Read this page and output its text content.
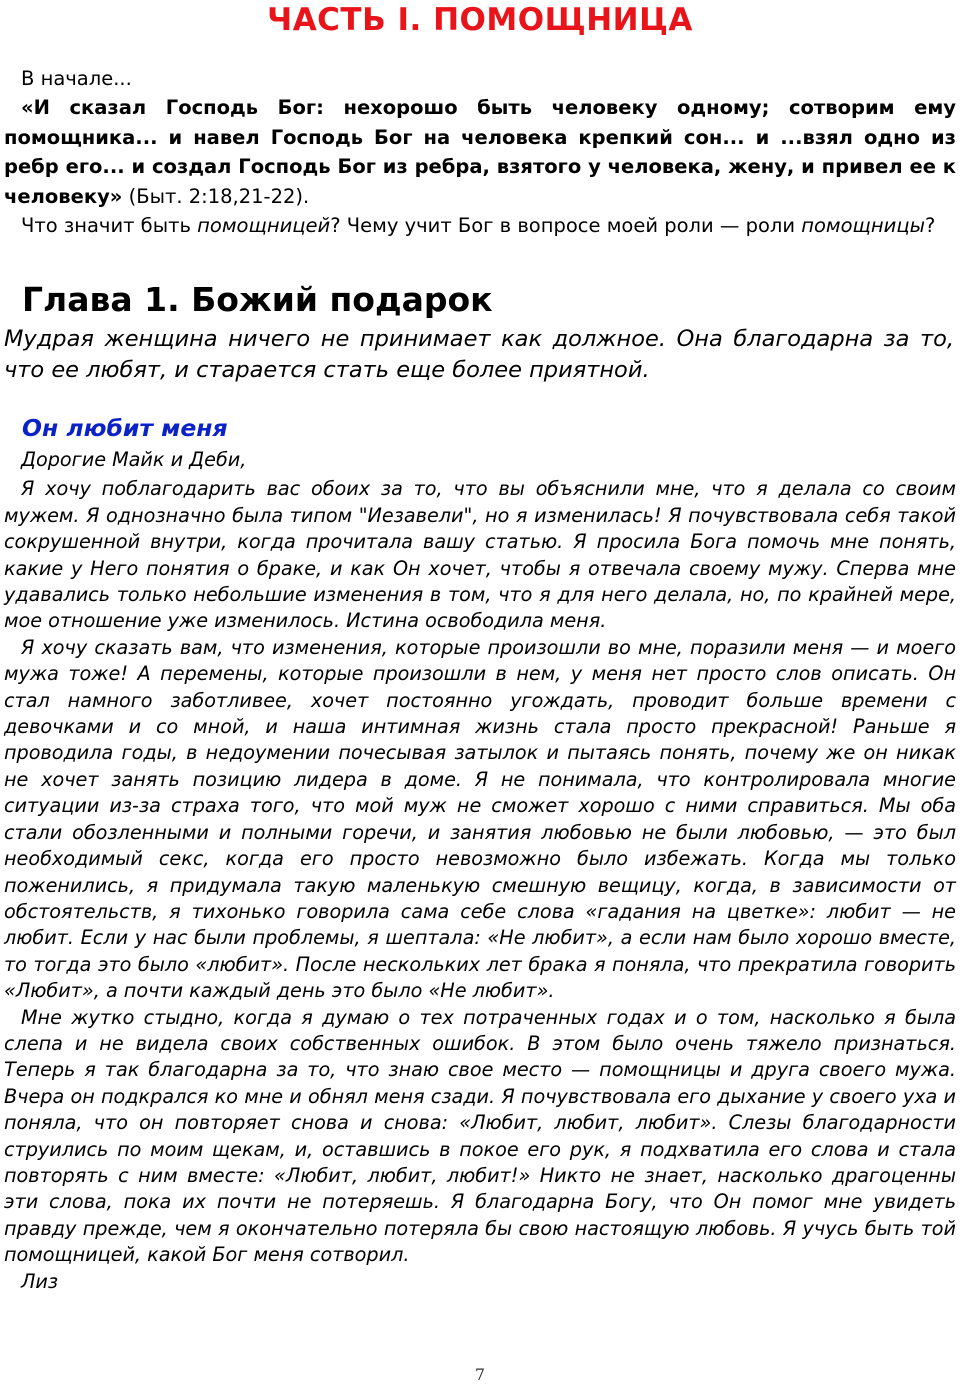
ЧАСТЬ I. ПОМОЩНИЦА

В начале...

«И сказал Господь Бог: нехорошо быть человеку одному; сотворим ему помощника... и навел Господь Бог на человека крепкий сон... и ...взял одно из ребр его... и создал Господь Бог из ребра, взятого у человека, жену, и привел ее к человеку» (Быт. 2:18,21-22).

Что значит быть помощницей? Чему учит Бог в вопросе моей роли — роли помощницы?

Глава 1. Божий подарок

Мудрая женщина ничего не принимает как должное. Она благодарна за то, что ее любят, и старается стать еще более приятной.

Он любит меня

Дорогие Майк и Деби,

Я хочу поблагодарить вас обоих за то, что вы объяснили мне, что я делала со своим мужем. Я однозначно была типом "Иезавели", но я изменилась! Я почувствовала себя такой сокрушенной внутри, когда прочитала вашу статью. Я просила Бога помочь мне понять, какие у Него понятия о браке, и как Он хочет, чтобы я отвечала своему мужу. Сперва мне удавались только небольшие изменения в том, что я для него делала, но, по крайней мере, мое отношение уже изменилось. Истина освободила меня.

Я хочу сказать вам, что изменения, которые произошли во мне, поразили меня — и моего мужа тоже! А перемены, которые произошли в нем, у меня нет просто слов описать. Он стал намного заботливее, хочет постоянно угождать, проводит больше времени с девочками и со мной, и наша интимная жизнь стала просто прекрасной! Раньше я проводила годы, в недоумении почесывая затылок и пытаясь понять, почему же он никак не хочет занять позицию лидера в доме. Я не понимала, что контролировала многие ситуации из-за страха того, что мой муж не сможет хорошо с ними справиться. Мы оба стали обозленными и полными горечи, и занятия любовью не были любовью, — это был необходимый секс, когда его просто невозможно было избежать. Когда мы только поженились, я придумала такую маленькую смешную вещицу, когда, в зависимости от обстоятельств, я тихонько говорила сама себе слова «гадания на цветке»: любит — не любит. Если у нас были проблемы, я шептала: «Не любит», а если нам было хорошо вместе, то тогда это было «любит». После нескольких лет брака я поняла, что прекратила говорить «Любит», а почти каждый день это было «Не любит».

Мне жутко стыдно, когда я думаю о тех потраченных годах и о том, насколько я была слепа и не видела своих собственных ошибок. В этом было очень тяжело признаться. Теперь я так благодарна за то, что знаю свое место — помощницы и друга своего мужа. Вчера он подкрался ко мне и обнял меня сзади. Я почувствовала его дыхание у своего уха и поняла, что он повторяет снова и снова: «Любит, любит, любит». Слезы благодарности струились по моим щекам, и, оставшись в покое его рук, я подхватила его слова и стала повторять с ним вместе: «Любит, любит, любит!» Никто не знает, насколько драгоценны эти слова, пока их почти не потеряешь. Я благодарна Богу, что Он помог мне увидеть правду прежде, чем я окончательно потеряла бы свою настоящую любовь. Я учусь быть той помощницей, какой Бог меня сотворил.

Лиз

7
